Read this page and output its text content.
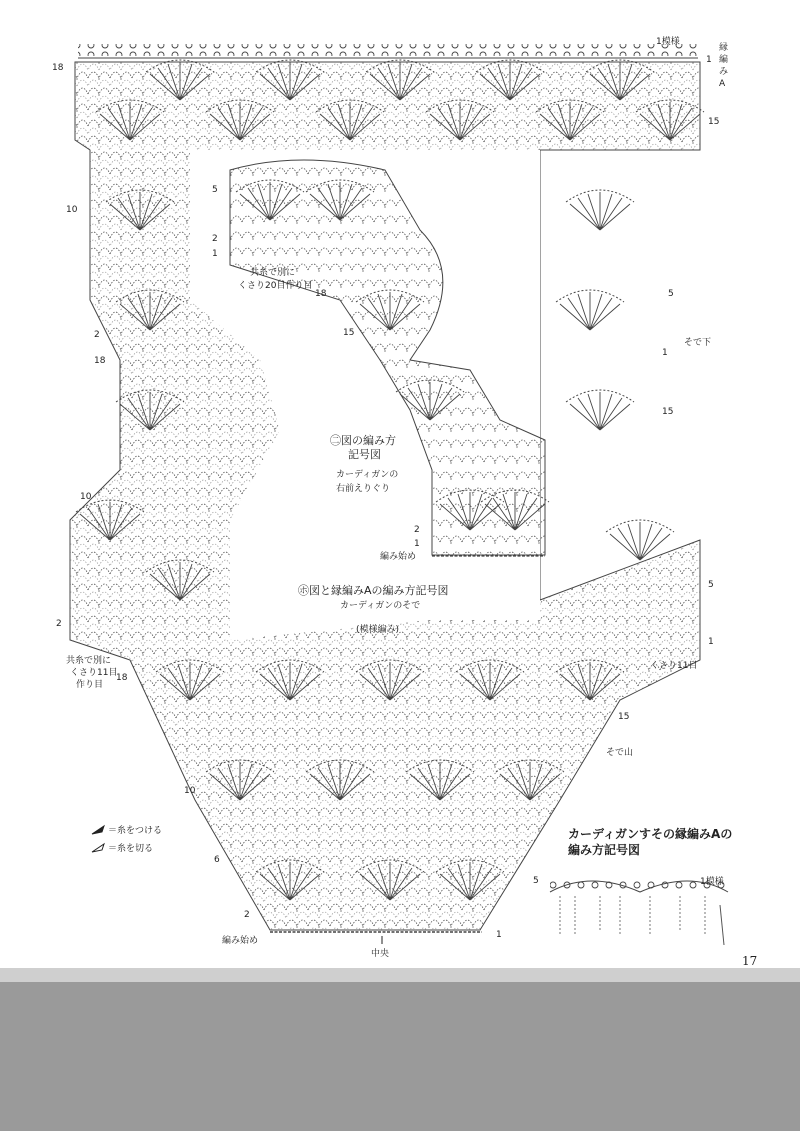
＝糸をつける
＝糸を切る
㊁図の編み方
記号図
カーディガンの
右前えりぐり
共糸で別に
くさり20目作り目
編み始め
5
2
1
18
15
2
1
㋭図と縁編みAの編み方記号図
カーディガンのそで
(模様編み)
そで下
そで山
中央
編み始め
1模様
縁
編
み
A
共糸で別に
くさり11目
作り目
くさり11目
18
10
2
18
10
2
18
10
6
2
1
15
5
1
15
5
1
15
5
1
カーディガンすその縁編みAの
編み方記号図
1模様
17
